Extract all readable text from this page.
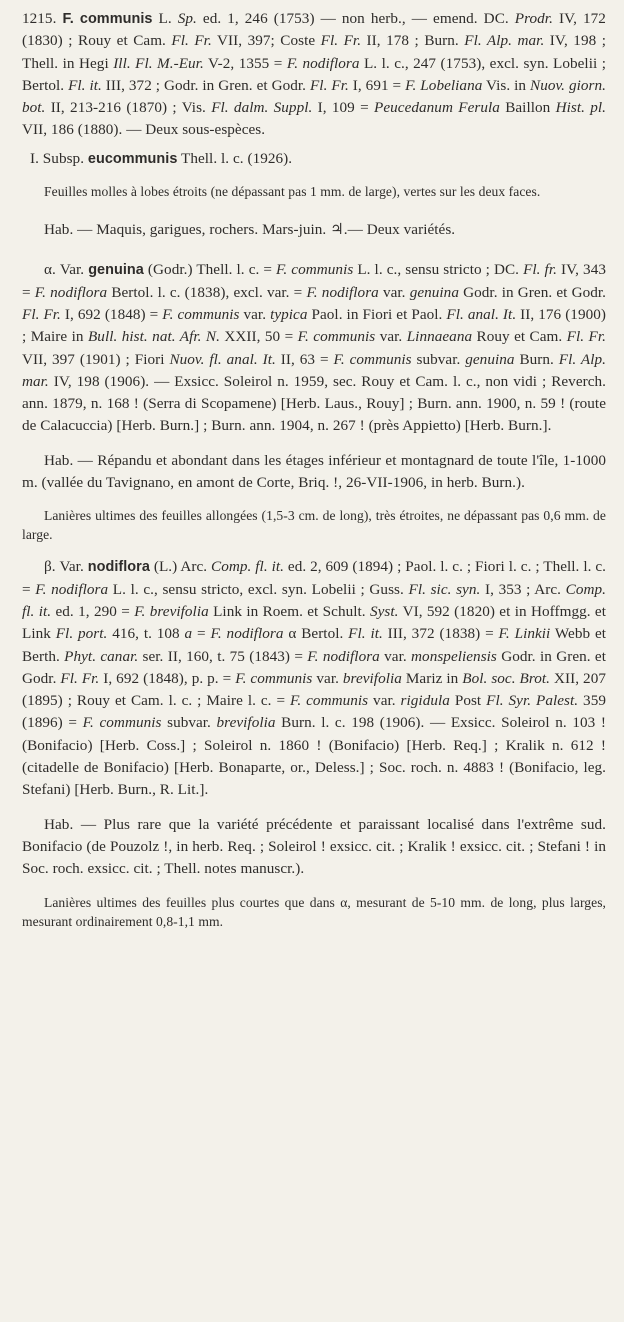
1215. F. communis L. Sp. ed. 1, 246 (1753) — non herb., — emend. DC. Prodr. IV, 172 (1830) ; Rouy et Cam. Fl. Fr. VII, 397; Coste Fl. Fr. II, 178 ; Burn. Fl. Alp. mar. IV, 198 ; Thell. in Hegi Ill. Fl. M.-Eur. V-2, 1355 = F. nodiflora L. l. c., 247 (1753), excl. syn. Lobelii ; Bertol. Fl. it. III, 372 ; Godr. in Gren. et Godr. Fl. Fr. I, 691 = F. Lobeliana Vis. in Nuov. giorn. bot. II, 213-216 (1870) ; Vis. Fl. dalm. Suppl. I, 109 = Peucedanum Ferula Baillon Hist. pl. VII, 186 (1880). — Deux sous-espèces.

I. Subsp. eucommunis Thell. l. c. (1926).

Feuilles molles à lobes étroits (ne dépassant pas 1 mm. de large), vertes sur les deux faces.

Hab. — Maquis, garigues, rochers. Mars-juin. ♃.— Deux variétés.

α. Var. genuina (Godr.) Thell. l. c. = F. communis L. l. c., sensu stricto ; DC. Fl. fr. IV, 343 = F. nodiflora Bertol. l. c. (1838), excl. var. = F. nodiflora var. genuina Godr. in Gren. et Godr. Fl. Fr. I, 692 (1848) = F. communis var. typica Paol. in Fiori et Paol. Fl. anal. It. II, 176 (1900) ; Maire in Bull. hist. nat. Afr. N. XXII, 50 = F. communis var. Linnaeana Rouy et Cam. Fl. Fr. VII, 397 (1901) ; Fiori Nuov. fl. anal. It. II, 63 = F. communis subvar. genuina Burn. Fl. Alp. mar. IV, 198 (1906). — Exsicc. Soleirol n. 1959, sec. Rouy et Cam. l. c., non vidi ; Reverch. ann. 1879, n. 168 ! (Serra di Scopamene) [Herb. Laus., Rouy] ; Burn. ann. 1900, n. 59 ! (route de Calacuccia) [Herb. Burn.] ; Burn. ann. 1904, n. 267 ! (près Appietto) [Herb. Burn.].

Hab. — Répandu et abondant dans les étages inférieur et montagnard de toute l'île, 1-1000 m. (vallée du Tavignano, en amont de Corte, Briq. !, 26-VII-1906, in herb. Burn.).

Lanières ultimes des feuilles allongées (1,5-3 cm. de long), très étroites, ne dépassant pas 0,6 mm. de large.

β. Var. nodiflora (L.) Arc. Comp. fl. it. ed. 2, 609 (1894) ; Paol. l. c. ; Fiori l. c. ; Thell. l. c. = F. nodiflora L. l. c., sensu stricto, excl. syn. Lobelii ; Guss. Fl. sic. syn. I, 353 ; Arc. Comp. fl. it. ed. 1, 290 = F. brevifolia Link in Roem. et Schult. Syst. VI, 592 (1820) et in Hoffmgg. et Link Fl. port. 416, t. 108 a = F. nodiflora α Bertol. Fl. it. III, 372 (1838) = F. Linkii Webb et Berth. Phyt. canar. ser. II, 160, t. 75 (1843) = F. nodiflora var. monspeliensis Godr. in Gren. et Godr. Fl. Fr. I, 692 (1848), p. p. = F. communis var. brevifolia Mariz in Bol. soc. Brot. XII, 207 (1895) ; Rouy et Cam. l. c. ; Maire l. c. = F. communis var. rigidula Post Fl. Syr. Palest. 359 (1896) = F. communis subvar. brevifolia Burn. l. c. 198 (1906). — Exsicc. Soleirol n. 103 ! (Bonifacio) [Herb. Coss.] ; Soleirol n. 1860 ! (Bonifacio) [Herb. Req.] ; Kralik n. 612 ! (citadelle de Bonifacio) [Herb. Bonaparte, or., Deless.] ; Soc. roch. n. 4883 ! (Bonifacio, leg. Stefani) [Herb. Burn., R. Lit.].

Hab. — Plus rare que la variété précédente et paraissant localisé dans l'extrême sud. Bonifacio (de Pouzolz !, in herb. Req. ; Soleirol ! exsicc. cit. ; Kralik ! exsicc. cit. ; Stefani ! in Soc. roch. exsicc. cit. ; Thell. notes manuscr.).

Lanières ultimes des feuilles plus courtes que dans α, mesurant de 5-10 mm. de long, plus larges, mesurant ordinairement 0,8-1,1 mm.
